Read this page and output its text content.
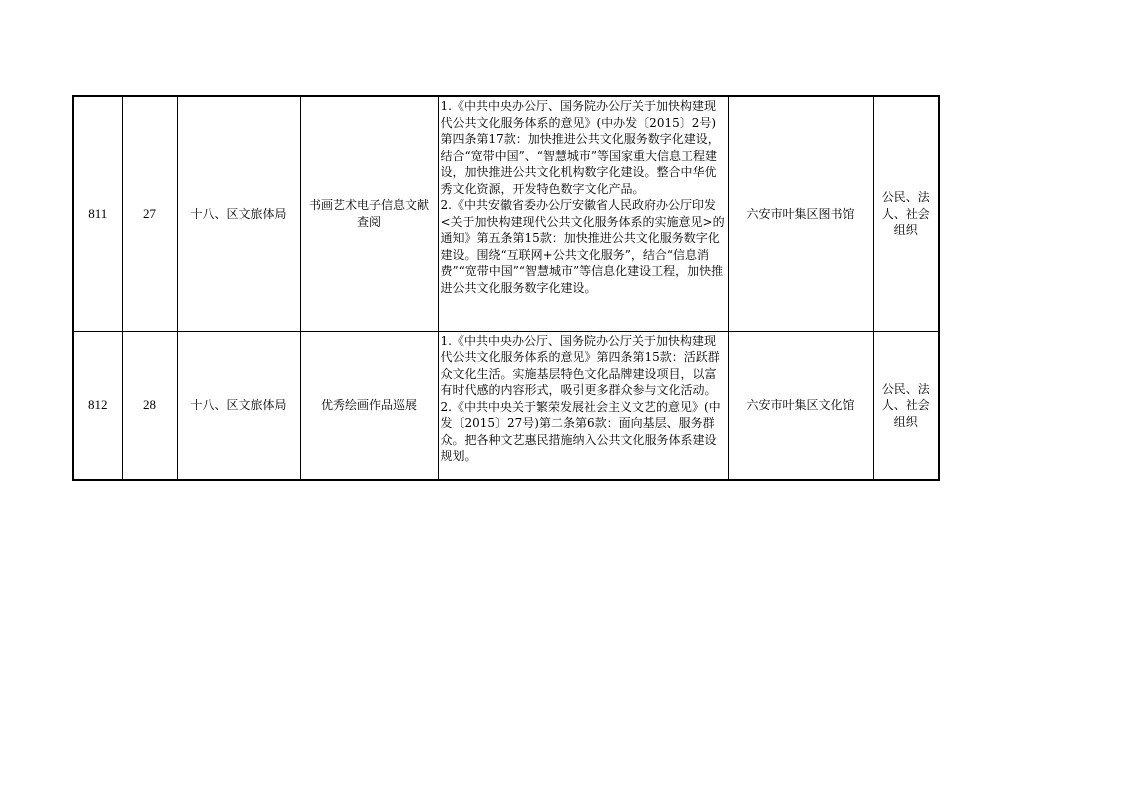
811	27	十八、区文旅体局	书画艺术电子信息文献查阅	1.《中共中央办公厅、国务院办公厅关于加快构建现代公共文化服务体系的意见》(中办发〔2015〕2号)第四条第17款：加快推进公共文化服务数字化建设，结合“宽带中国”、“智慧城市”等国家重大信息工程建设，加快推进公共文化机构数字化建设。整合中华优秀文化资源，开发特色数字文化产品。
2.《中共安徽省委办公厅安徽省人民政府办公厅印发<关于加快构建现代公共文化服务体系的实施意见>的通知》第五条第15款：加快推进公共文化服务数字化建设。围绕“互联网+公共文化服务”，结合“信息消费”“宽带中国”“智慧城市”等信息化建设工程，加快推进公共文化服务数字化建设。	六安市叶集区图书馆	公民、法人、社会组织
812	28	十八、区文旅体局	优秀绘画作品巡展	1.《中共中央办公厅、国务院办公厅关于加快构建现代公共文化服务体系的意见》第四条第15款：活跃群众文化生活。实施基层特色文化品牌建设项目，以富有时代感的内容形式，吸引更多群众参与文化活动。
2.《中共中央关于繁荣发展社会主义文艺的意见》(中发〔2015〕27号)第二条第6款：面向基层、服务群众。把各种文艺惠民措施纳入公共文化服务体系建设规划。	六安市叶集区文化馆	公民、法人、社会组织
